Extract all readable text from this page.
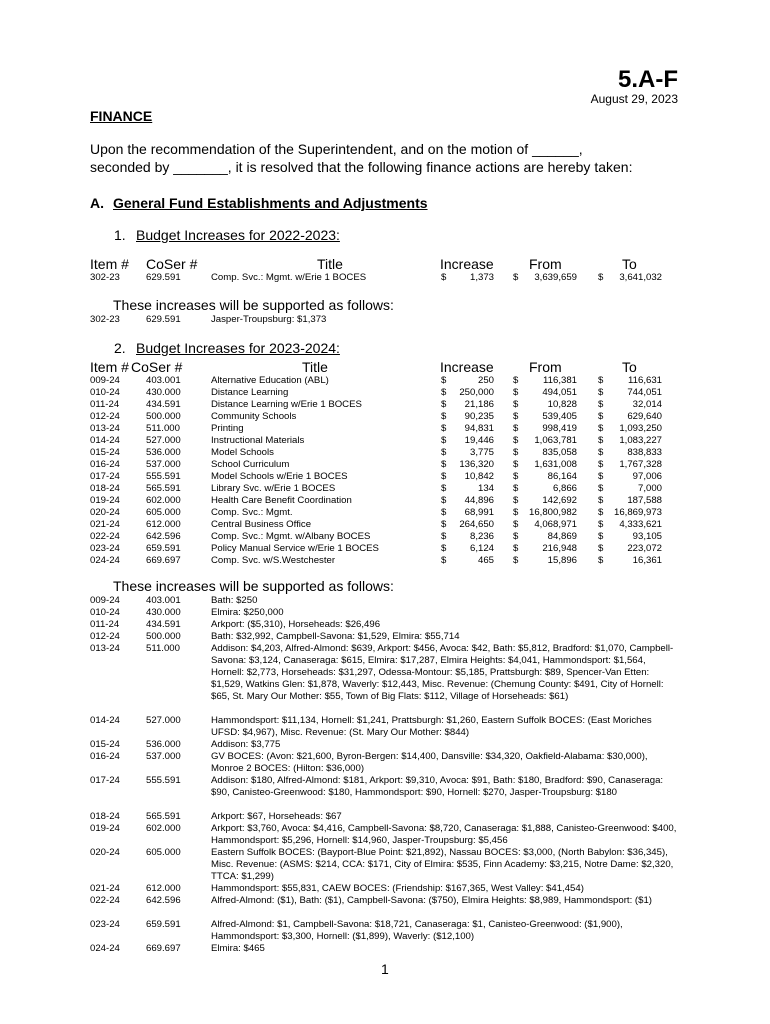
5.A-F
August 29, 2023
FINANCE
Upon the recommendation of the Superintendent, and on the motion of ______,
seconded by _______, it is resolved that the following finance actions are hereby taken:
A. General Fund Establishments and Adjustments
1. Budget Increases for 2022-2023:
Item # CoSer #	Title	Increase	From	To
302-23	629.591	Comp. Svc.: Mgmt. w/Erie 1 BOCES	$	1,373 $	3,639,659 $	3,641,032
These increases will be supported as follows:
302-23	629.591	Jasper-Troupsburg: $1,373
2. Budget Increases for 2023-2024:
Item # CoSer #	Title	Increase	From	To
009-24	403.001	Alternative Education (ABL)	$	250 $	116,381 $	116,631
010-24	430.000	Distance Learning	$	250,000 $	494,051 $	744,051
011-24	434.591	Distance Learning w/Erie 1 BOCES	$	21,186 $	10,828 $	32,014
012-24	500.000	Community Schools	$	90,235 $	539,405 $	629,640
013-24	511.000	Printing	$	94,831 $	998,419 $	1,093,250
014-24	527.000	Instructional Materials	$	19,446 $	1,063,781 $	1,083,227
015-24	536.000	Model Schools	$	3,775 $	835,058 $	838,833
016-24	537.000	School Curriculum	$	136,320 $	1,631,008 $	1,767,328
017-24	555.591	Model Schools w/Erie 1 BOCES	$	10,842 $	86,164 $	97,006
018-24	565.591	Library Svc. w/Erie 1 BOCES	$	134 $	6,866 $	7,000
019-24	602.000	Health Care Benefit Coordination	$	44,896 $	142,692 $	187,588
020-24	605.000	Comp. Svc.: Mgmt.	$	68,991 $	16,800,982 $	16,869,973
021-24	612.000	Central Business Office	$	264,650 $	4,068,971 $	4,333,621
022-24	642.596	Comp. Svc.: Mgmt. w/Albany BOCES	$	8,236 $	84,869 $	93,105
023-24	659.591	Policy Manual Service w/Erie 1 BOCES	$	6,124 $	216,948 $	223,072
024-24	669.697	Comp. Svc. w/S.Westchester	$	465 $	15,896 $	16,361
These increases will be supported as follows:
009-24	403.001	Bath: $250
010-24	430.000	Elmira: $250,000
011-24	434.591	Arkport: ($5,310), Horseheads: $26,496
012-24	500.000	Bath: $32,992, Campbell-Savona: $1,529, Elmira: $55,714
013-24	511.000	Addison: $4,203, Alfred-Almond: $639, Arkport: $456, Avoca: $42, Bath: $5,812, Bradford: $1,070, Campbell-Savona: $3,124, Canaseraga: $615, Elmira: $17,287, Elmira Heights: $4,041, Hammondsport: $1,564, Hornell: $2,773, Horseheads: $31,297, Odessa-Montour: $5,185, Prattsburgh: $89, Spencer-Van Etten: $1,529, Watkins Glen: $1,878, Waverly: $12,443, Misc. Revenue: (Chemung County: $491, City of Hornell: $65, St. Mary Our Mother: $55, Town of Big Flats: $112, Village of Horseheads: $61)
014-24	527.000	Hammondsport: $11,134, Hornell: $1,241, Prattsburgh: $1,260, Eastern Suffolk BOCES: (East Moriches UFSD: $4,967), Misc. Revenue: (St. Mary Our Mother: $844)
015-24	536.000	Addison: $3,775
016-24	537.000	GV BOCES: (Avon: $21,600, Byron-Bergen: $14,400, Dansville: $34,320, Oakfield-Alabama: $30,000), Monroe 2 BOCES: (Hilton: $36,000)
017-24	555.591	Addison: $180, Alfred-Almond: $181, Arkport: $9,310, Avoca: $91, Bath: $180, Bradford: $90, Canaseraga: $90, Canisteo-Greenwood: $180, Hammondsport: $90, Hornell: $270, Jasper-Troupsburg: $180
018-24	565.591	Arkport: $67, Horseheads: $67
019-24	602.000	Arkport: $3,760, Avoca: $4,416, Campbell-Savona: $8,720, Canaseraga: $1,888, Canisteo-Greenwood: $400, Hammondsport: $5,296, Hornell: $14,960, Jasper-Troupsburg: $5,456
020-24	605.000	Eastern Suffolk BOCES: (Bayport-Blue Point: $21,892), Nassau BOCES: $3,000, (North Babylon: $36,345), Misc. Revenue: (ASMS: $214, CCA: $171, City of Elmira: $535, Finn Academy: $3,215, Notre Dame: $2,320, TTCA: $1,299)
021-24	612.000	Hammondsport: $55,831, CAEW BOCES: (Friendship: $167,365, West Valley: $41,454)
022-24	642.596	Alfred-Almond: ($1), Bath: ($1), Campbell-Savona: ($750), Elmira Heights: $8,989, Hammondsport: ($1)
023-24	659.591	Alfred-Almond: $1, Campbell-Savona: $18,721, Canaseraga: $1, Canisteo-Greenwood: ($1,900), Hammondsport: $3,300, Hornell: ($1,899), Waverly: ($12,100)
024-24	669.697	Elmira: $465
1
